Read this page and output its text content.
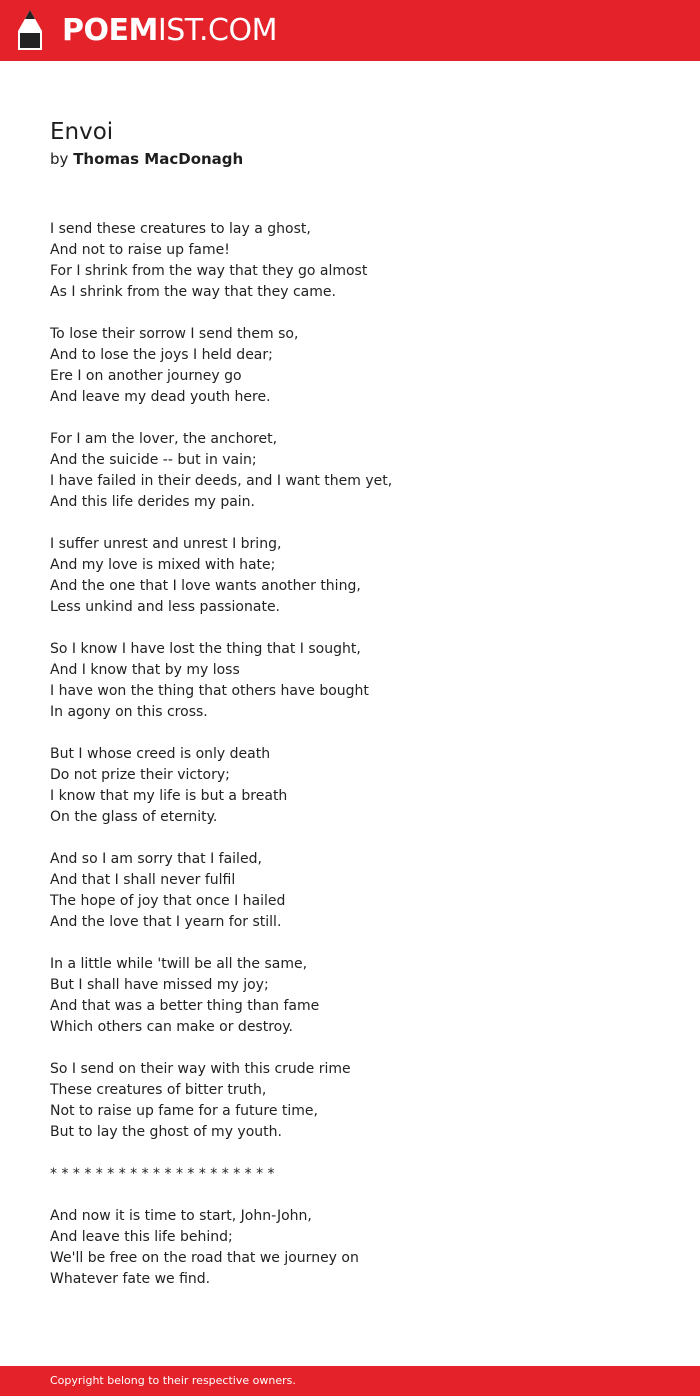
POEMIST.COM
Envoi
by Thomas MacDonagh
I send these creatures to lay a ghost,
And not to raise up fame!
For I shrink from the way that they go almost
As I shrink from the way that they came.
To lose their sorrow I send them so,
And to lose the joys I held dear;
Ere I on another journey go
And leave my dead youth here.
For I am the lover, the anchoret,
And the suicide -- but in vain;
I have failed in their deeds, and I want them yet,
And this life derides my pain.
I suffer unrest and unrest I bring,
And my love is mixed with hate;
And the one that I love wants another thing,
Less unkind and less passionate.
So I know I have lost the thing that I sought,
And I know that by my loss
I have won the thing that others have bought
In agony on this cross.
But I whose creed is only death
Do not prize their victory;
I know that my life is but a breath
On the glass of eternity.
And so I am sorry that I failed,
And that I shall never fulfil
The hope of joy that once I hailed
And the love that I yearn for still.
In a little while 'twill be all the same,
But I shall have missed my joy;
And that was a better thing than fame
Which others can make or destroy.
So I send on their way with this crude rime
These creatures of bitter truth,
Not to raise up fame for a future time,
But to lay the ghost of my youth.
* * * * * * * * * * * * * * * * * * * *
And now it is time to start, John-John,
And leave this life behind;
We'll be free on the road that we journey on
Whatever fate we find.
Copyright belong to their respective owners.
